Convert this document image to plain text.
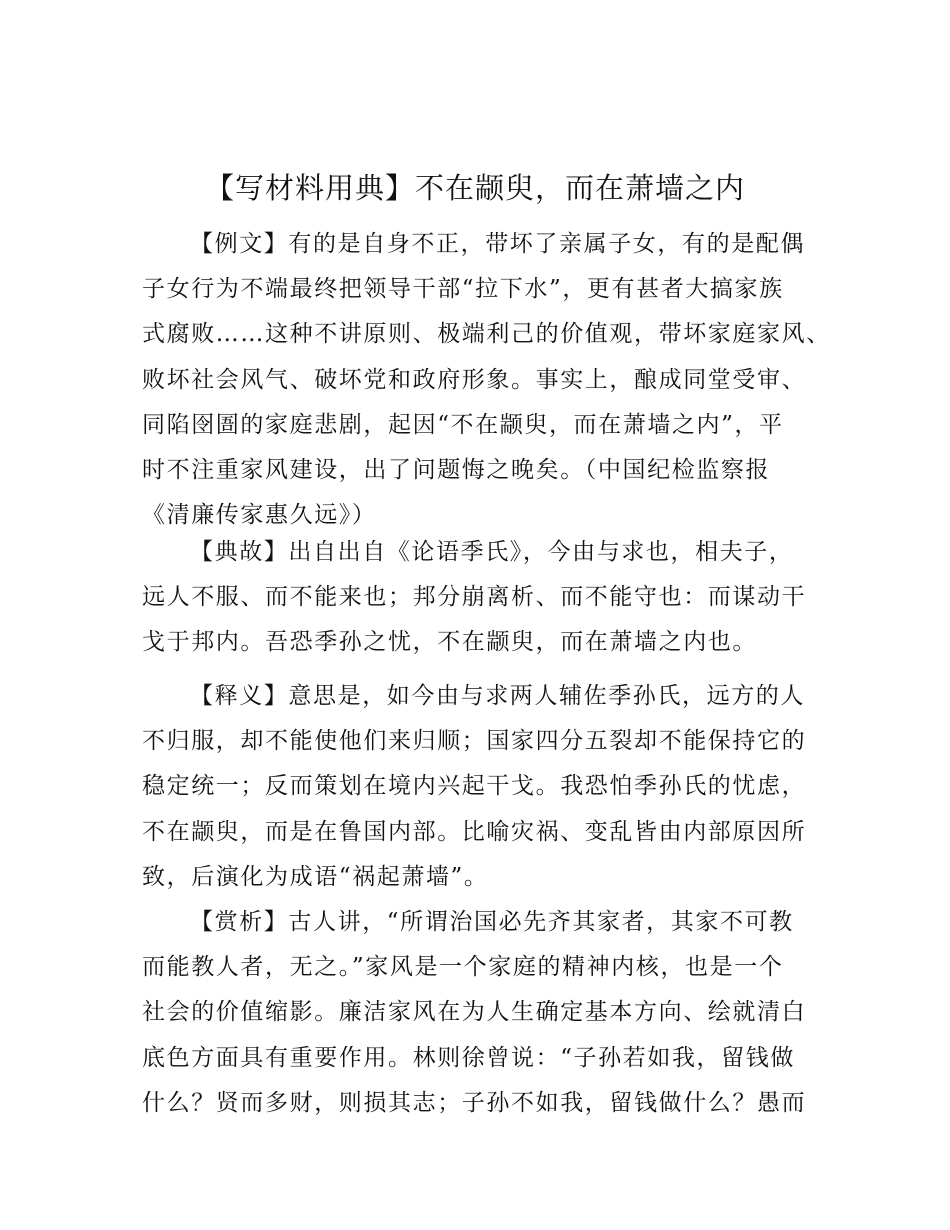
【写材料用典】不在颛臾，而在萧墙之内
【例文】有的是自身不正，带坏了亲属子女，有的是配偶
子女行为不端最终把领导干部“拉下水”，更有甚者大搞家族
式腐败……这种不讲原则、极端利己的价值观，带坏家庭家风、
败坏社会风气、破坏党和政府形象。事实上，酿成同堂受审、
同陷囹圄的家庭悲剧，起因“不在颛臾，而在萧墙之内”，平
时不注重家风建设，出了问题悔之晚矣。（中国纪检监察报
《清廉传家惠久远》）
【典故】出自出自《论语季氏》，今由与求也，相夫子，
远人不服、而不能来也；邦分崩离析、而不能守也：而谋动干
戈于邦内。吾恐季孙之忧，不在颛臾，而在萧墙之内也。
【释义】意思是，如今由与求两人辅佐季孙氏，远方的人
不归服，却不能使他们来归顺；国家四分五裂却不能保持它的
稳定统一；反而策划在境内兴起干戈。我恐怕季孙氏的忧虑，
不在颛臾，而是在鲁国内部。比喻灾祸、变乱皆由内部原因所
致，后演化为成语“祸起萧墙”。
【赏析】古人讲，“所谓治国必先齐其家者，其家不可教
而能教人者，无之。”家风是一个家庭的精神内核，也是一个
社会的价值缩影。廉洁家风在为人生确定基本方向、绘就清白
底色方面具有重要作用。林则徐曾说：“子孙若如我，留钱做
什么？贤而多财，则损其志；子孙不如我，留钱做什么？愚而
